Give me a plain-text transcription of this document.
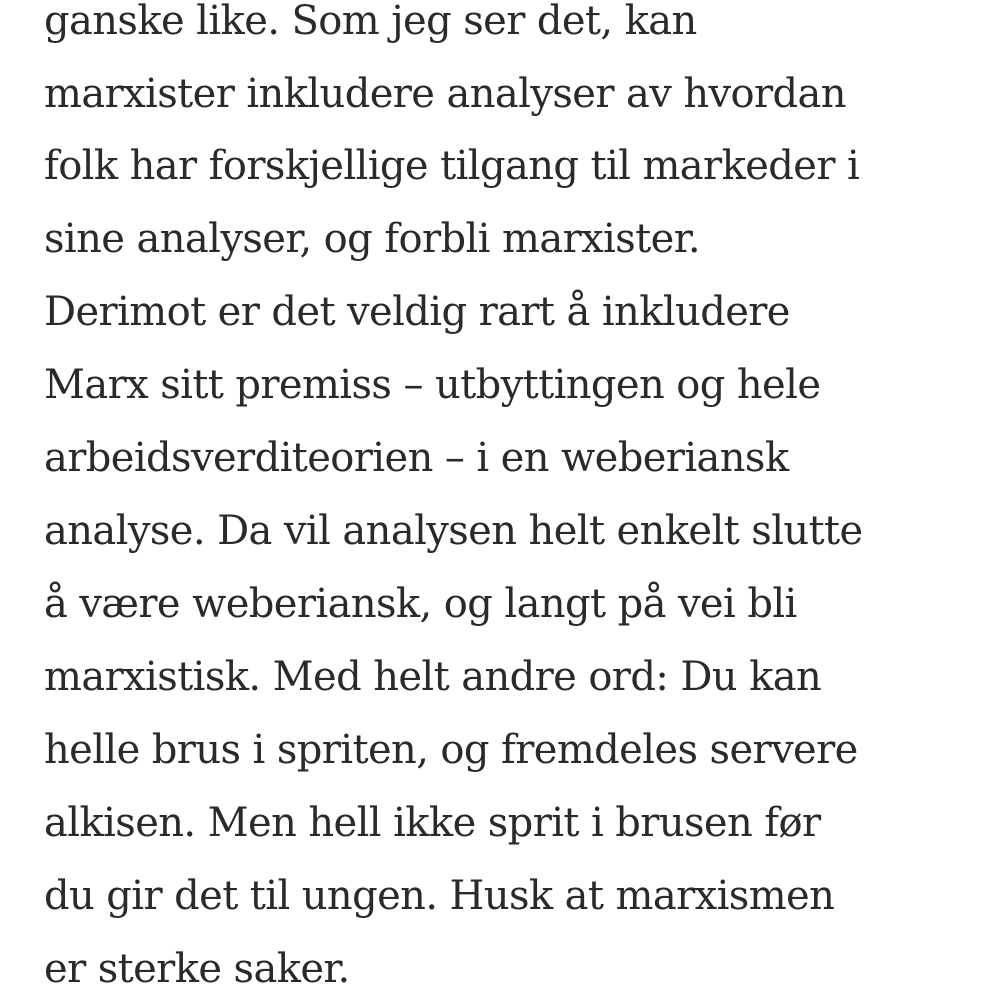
ganske like. Som jeg ser det, kan
marxister inkludere analyser av hvordan
folk har forskjellige tilgang til markeder i
sine analyser, og forbli marxister.
Derimot er det veldig rart å inkludere
Marx sitt premiss – utbyttingen og hele
arbeidsverditeorien – i en weberiansk
analyse. Da vil analysen helt enkelt slutte
å være weberiansk, og langt på vei bli
marxistisk. Med helt andre ord: Du kan
helle brus i spriten, og fremdeles servere
alkisen. Men hell ikke sprit i brusen før
du gir det til ungen. Husk at marxismen
er sterke saker.
